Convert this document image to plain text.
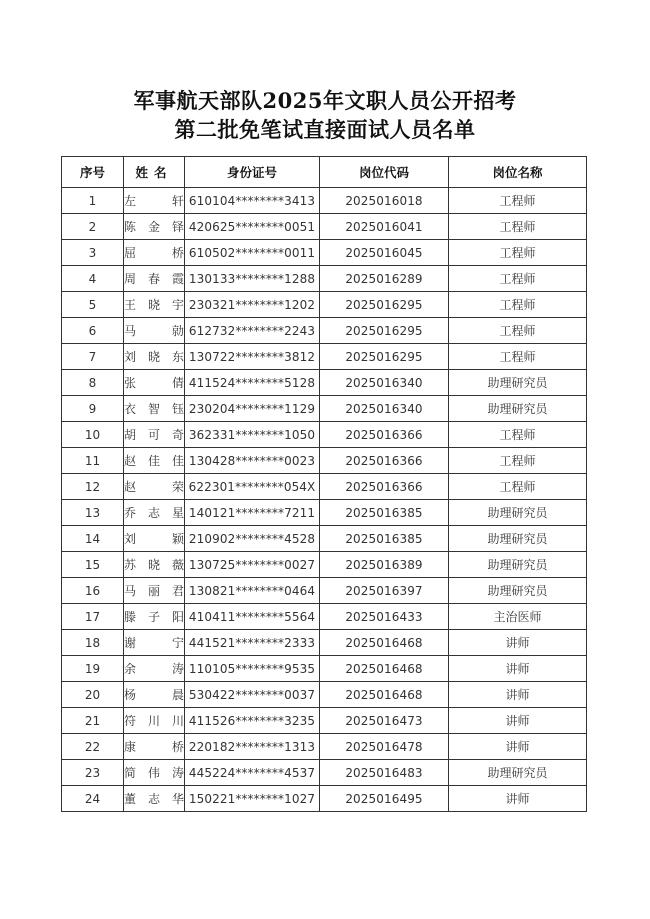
军事航天部队2025年文职人员公开招考
第二批免笔试直接面试人员名单
序号	姓名	身份证号	岗位代码	岗位名称
1	左轩	610104********3413	2025016018	工程师
2	陈金铎	420625********0051	2025016041	工程师
3	屈桥	610502********0011	2025016045	工程师
4	周春霞	130133********1288	2025016289	工程师
5	王晓宇	230321********1202	2025016295	工程师
6	马勍	612732********2243	2025016295	工程师
7	刘晓东	130722********3812	2025016295	工程师
8	张倩	411524********5128	2025016340	助理研究员
9	衣智钰	230204********1129	2025016340	助理研究员
10	胡可奇	362331********1050	2025016366	工程师
11	赵佳佳	130428********0023	2025016366	工程师
12	赵荣	622301********054X	2025016366	工程师
13	乔志星	140121********7211	2025016385	助理研究员
14	刘颖	210902********4528	2025016385	助理研究员
15	苏晓薇	130725********0027	2025016389	助理研究员
16	马丽君	130821********0464	2025016397	助理研究员
17	滕子阳	410411********5564	2025016433	主治医师
18	谢宁	441521********2333	2025016468	讲师
19	余涛	110105********9535	2025016468	讲师
20	杨晨	530422********0037	2025016468	讲师
21	符川川	411526********3235	2025016473	讲师
22	康桥	220182********1313	2025016478	讲师
23	简伟涛	445224********4537	2025016483	助理研究员
24	董志华	150221********1027	2025016495	讲师
